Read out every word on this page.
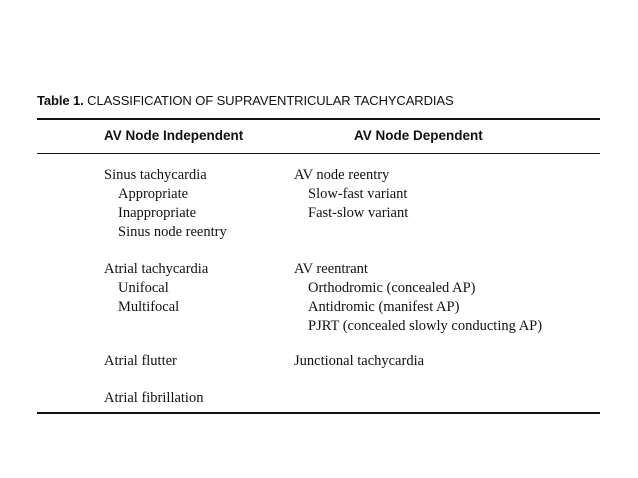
Table 1. CLASSIFICATION OF SUPRAVENTRICULAR TACHYCARDIAS
AV Node Independent	AV Node Dependent
Sinus tachycardia
Appropriate
Inappropriate
Sinus node reentry
Atrial tachycardia
Unifocal
Multifocal
Atrial flutter
Atrial fibrillation
AV node reentry
Slow-fast variant
Fast-slow variant
AV reentrant
Orthodromic (concealed AP)
Antidromic (manifest AP)
PJRT (concealed slowly conducting AP)
Junctional tachycardia
